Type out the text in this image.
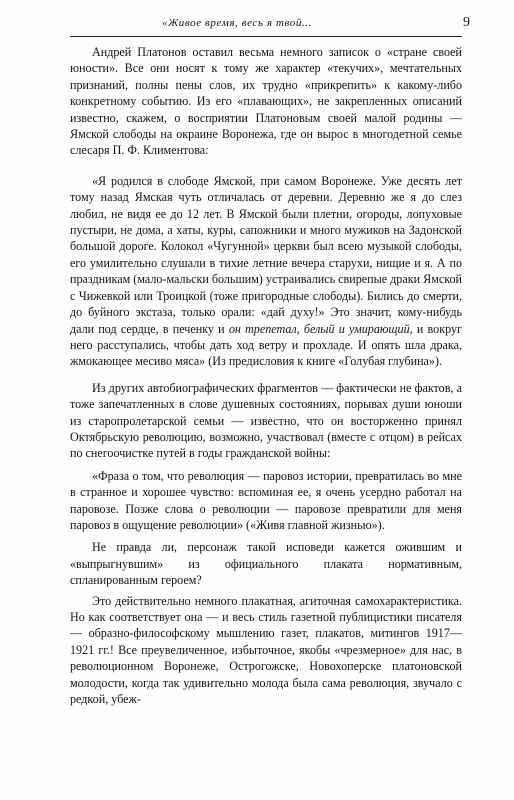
«Живое время, весь я твой...	9

Андрей Платонов оставил весьма немного записок о «стране своей юности». Все они носят к тому же характер «текучих», мечтательных признаний, полны пены слов, их трудно «прикрепить» к какому-либо конкретному событию. Из его «плавающих», не закрепленных описаний известно, скажем, о восприятии Платоновым своей малой родины — Ямской слободы на окраине Воронежа, где он вырос в многодетной семье слесаря П. Ф. Климентова:

«Я родился в слободе Ямской, при самом Воронеже. Уже десять лет тому назад Ямская чуть отличалась от деревни. Деревню же я до слез любил, не видя ее до 12 лет. В Ямской были плетни, огороды, лопуховые пустыри, не дома, а хаты, куры, сапожники и много мужиков на Задонской большой дороге. Колокол «Чугунной» церкви был всею музыкой слободы, его умилительно слушали в тихие летние вечера старухи, нищие и я. А по праздникам (мало-мальски большим) устраивались свирепые драки Ямской с Чижевкой или Троицкой (тоже пригородные слободы). Бились до смерти, до буйного экстаза, только орали: «дай духу!» Это значит, кому-нибудь дали под сердце, в печенку и он трепетал, белый и умирающий, и вокруг него расступались, чтобы дать ход ветру и прохладе. И опять шла драка, жмокающее месиво мяса» (Из предисловия к книге «Голубая глубина»).

Из других автобиографических фрагментов — фактически не фактов, а тоже запечатленных в слове душевных состояниях, порывах души юноши из старопролетарской семьи — известно, что он восторженно принял Октябрьскую революцию, возможно, участвовал (вместе с отцом) в рейсах по снегоочистке путей в годы гражданской войны:

«Фраза о том, что революция — паровоз истории, превратилась во мне в странное и хорошее чувство: вспоминая ее, я очень усердно работал на паровозе. Позже слова о революции — паровозе превратили для меня паровоз в ощущение революции» («Живя главной жизнью»).

Не правда ли, персонаж такой исповеди кажется ожившим и «выпрыгнувшим» из официального плаката нормативным, спланированным героем?

Это действительно немного плакатная, агиточная самохарактеристика. Но как соответствует она — и весь стиль газетной публицистики писателя — образно-философскому мышлению газет, плакатов, митингов 1917—1921 гг.! Все преувеличенное, избыточное, якобы «чрезмерное» для нас, в революционном Воронеже, Острогожске, Новохоперске платоновской молодости, когда так удивительно молода была сама революция, звучало с редкой, убеж-
